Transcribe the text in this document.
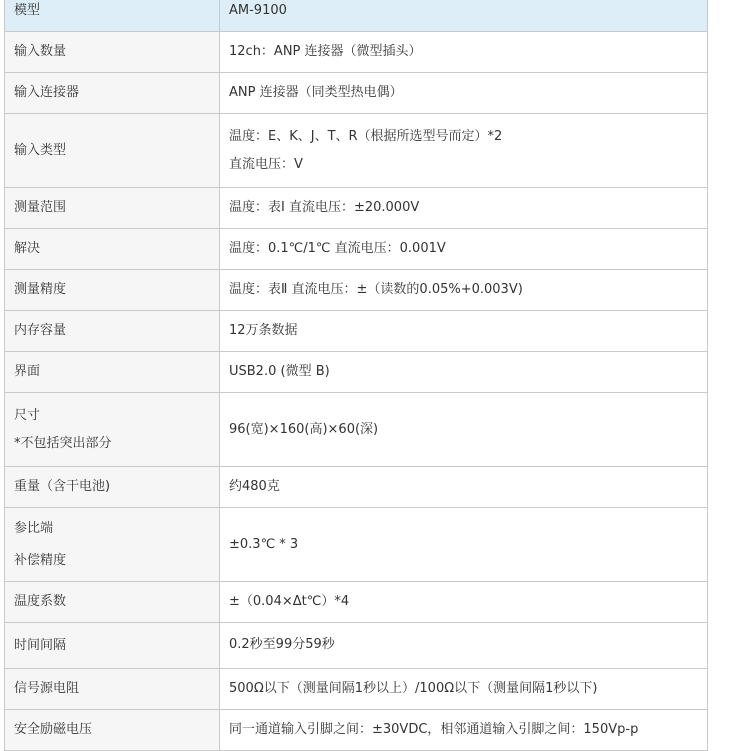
模型	AM-9100

输入数量	12ch：ANP 连接器（微型插头）

输入连接器	ANP 连接器（同类型热电偶）

输入类型	温度：E、K、J、T、R（根据所选型号而定）*2
直流电压：V

测量范围	温度：表Ⅰ 直流电压：±20.000V

解决	温度：0.1℃/1℃ 直流电压：0.001V

测量精度	温度：表Ⅱ 直流电压：±（读数的0.05%+0.003V)

内存容量	12万条数据

界面	USB2.0 (微型 B)

尺寸
*不包括突出部分	96(宽)×160(高)×60(深)

重量（含干电池)	约480克

参比端
补偿精度	±0.3℃ * 3

温度系数	±（0.04×Δt℃）*4

时间间隔	0.2秒至99分59秒

信号源电阻	500Ω以下（测量间隔1秒以上）/100Ω以下（测量间隔1秒以下)

安全励磁电压	同一通道输入引脚之间：±30VDC，相邻通道输入引脚之间：150Vp-p
